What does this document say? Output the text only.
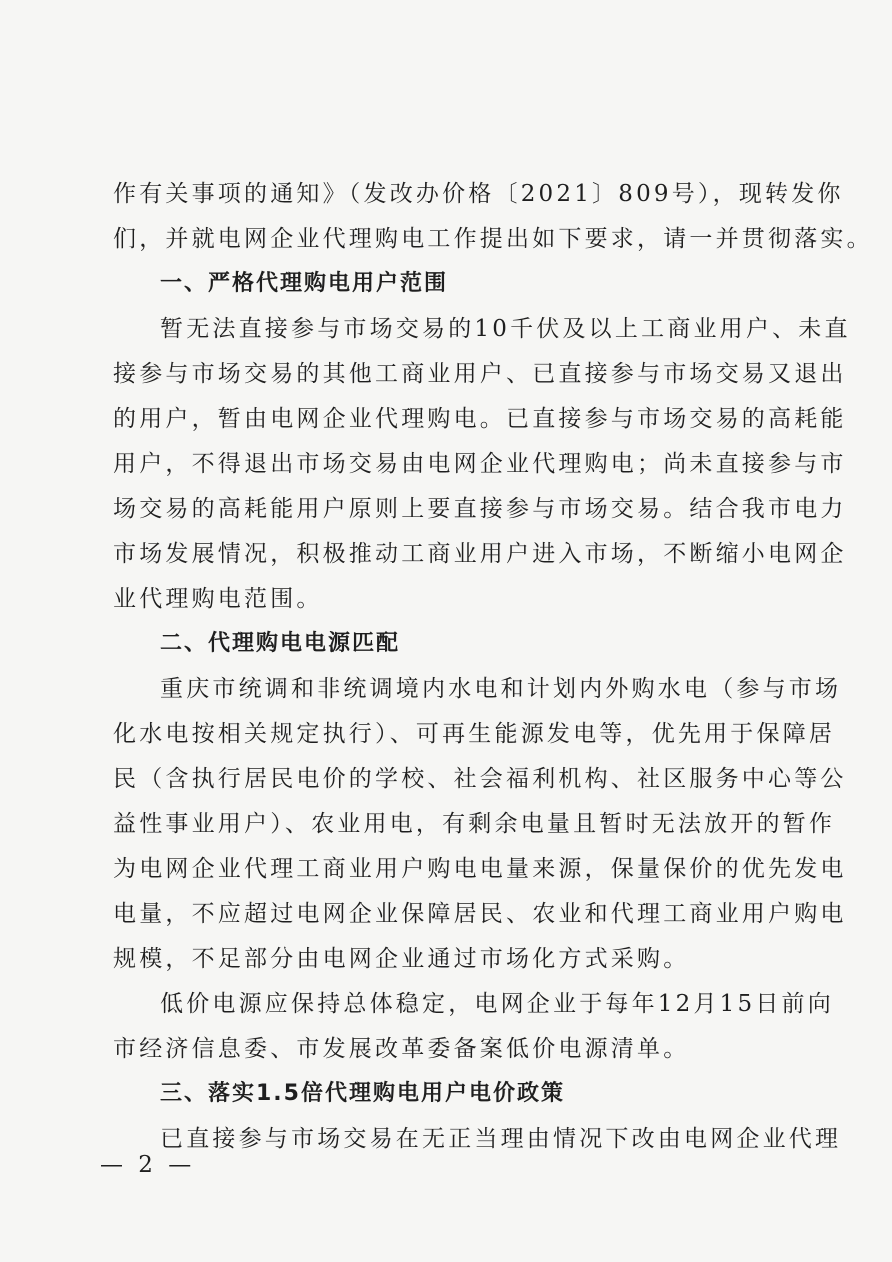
作有关事项的通知》（发改办价格〔2021〕809号），现转发你
们，并就电网企业代理购电工作提出如下要求，请一并贯彻落实。
一、严格代理购电用户范围
暂无法直接参与市场交易的10千伏及以上工商业用户、未直
接参与市场交易的其他工商业用户、已直接参与市场交易又退出
的用户，暂由电网企业代理购电。已直接参与市场交易的高耗能
用户，不得退出市场交易由电网企业代理购电；尚未直接参与市
场交易的高耗能用户原则上要直接参与市场交易。结合我市电力
市场发展情况，积极推动工商业用户进入市场，不断缩小电网企
业代理购电范围。
二、代理购电电源匹配
重庆市统调和非统调境内水电和计划内外购水电（参与市场
化水电按相关规定执行）、可再生能源发电等，优先用于保障居
民（含执行居民电价的学校、社会福利机构、社区服务中心等公
益性事业用户）、农业用电，有剩余电量且暂时无法放开的暂作
为电网企业代理工商业用户购电电量来源，保量保价的优先发电
电量，不应超过电网企业保障居民、农业和代理工商业用户购电
规模，不足部分由电网企业通过市场化方式采购。
低价电源应保持总体稳定，电网企业于每年12月15日前向
市经济信息委、市发展改革委备案低价电源清单。
三、落实1.5倍代理购电用户电价政策
已直接参与市场交易在无正当理由情况下改由电网企业代理
— 2 —
